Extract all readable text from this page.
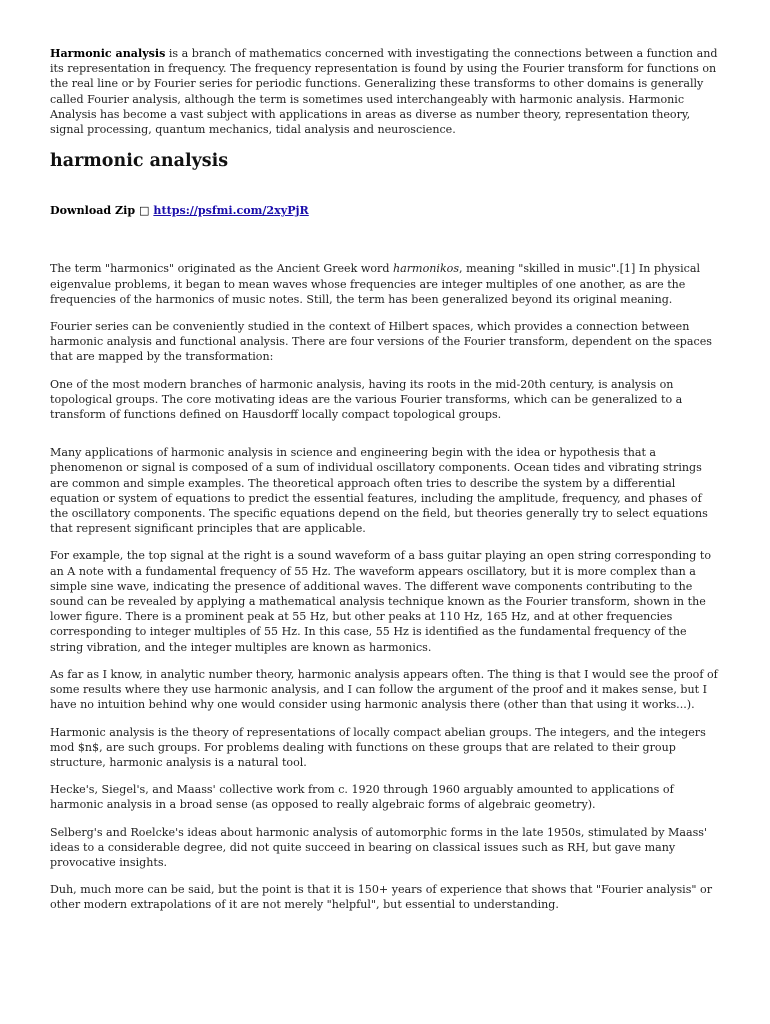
Harmonic analysis is a branch of mathematics concerned with investigating the connections between a function and its representation in frequency. The frequency representation is found by using the Fourier transform for functions on the real line or by Fourier series for periodic functions. Generalizing these transforms to other domains is generally called Fourier analysis, although the term is sometimes used interchangeably with harmonic analysis. Harmonic Analysis has become a vast subject with applications in areas as diverse as number theory, representation theory, signal processing, quantum mechanics, tidal analysis and neuroscience.

harmonic analysis

Download Zip □ https://psfmi.com/2xyPjR

The term "harmonics" originated as the Ancient Greek word harmonikos, meaning "skilled in music".[1] In physical eigenvalue problems, it began to mean waves whose frequencies are integer multiples of one another, as are the frequencies of the harmonics of music notes. Still, the term has been generalized beyond its original meaning.

Fourier series can be conveniently studied in the context of Hilbert spaces, which provides a connection between harmonic analysis and functional analysis. There are four versions of the Fourier transform, dependent on the spaces that are mapped by the transformation:

One of the most modern branches of harmonic analysis, having its roots in the mid-20th century, is analysis on topological groups. The core motivating ideas are the various Fourier transforms, which can be generalized to a transform of functions defined on Hausdorff locally compact topological groups.

Many applications of harmonic analysis in science and engineering begin with the idea or hypothesis that a phenomenon or signal is composed of a sum of individual oscillatory components. Ocean tides and vibrating strings are common and simple examples. The theoretical approach often tries to describe the system by a differential equation or system of equations to predict the essential features, including the amplitude, frequency, and phases of the oscillatory components. The specific equations depend on the field, but theories generally try to select equations that represent significant principles that are applicable.

For example, the top signal at the right is a sound waveform of a bass guitar playing an open string corresponding to an A note with a fundamental frequency of 55 Hz. The waveform appears oscillatory, but it is more complex than a simple sine wave, indicating the presence of additional waves. The different wave components contributing to the sound can be revealed by applying a mathematical analysis technique known as the Fourier transform, shown in the lower figure. There is a prominent peak at 55 Hz, but other peaks at 110 Hz, 165 Hz, and at other frequencies corresponding to integer multiples of 55 Hz. In this case, 55 Hz is identified as the fundamental frequency of the string vibration, and the integer multiples are known as harmonics.

As far as I know, in analytic number theory, harmonic analysis appears often. The thing is that I would see the proof of some results where they use harmonic analysis, and I can follow the argument of the proof and it makes sense, but I have no intuition behind why one would consider using harmonic analysis there (other than that using it works...).

Harmonic analysis is the theory of representations of locally compact abelian groups. The integers, and the integers mod $n$, are such groups. For problems dealing with functions on these groups that are related to their group structure, harmonic analysis is a natural tool.

Hecke's, Siegel's, and Maass' collective work from c. 1920 through 1960 arguably amounted to applications of harmonic analysis in a broad sense (as opposed to really algebraic forms of algebraic geometry).

Selberg's and Roelcke's ideas about harmonic analysis of automorphic forms in the late 1950s, stimulated by Maass' ideas to a considerable degree, did not quite succeed in bearing on classical issues such as RH, but gave many provocative insights.

Duh, much more can be said, but the point is that it is 150+ years of experience that shows that "Fourier analysis" or other modern extrapolations of it are not merely "helpful", but essential to understanding.
